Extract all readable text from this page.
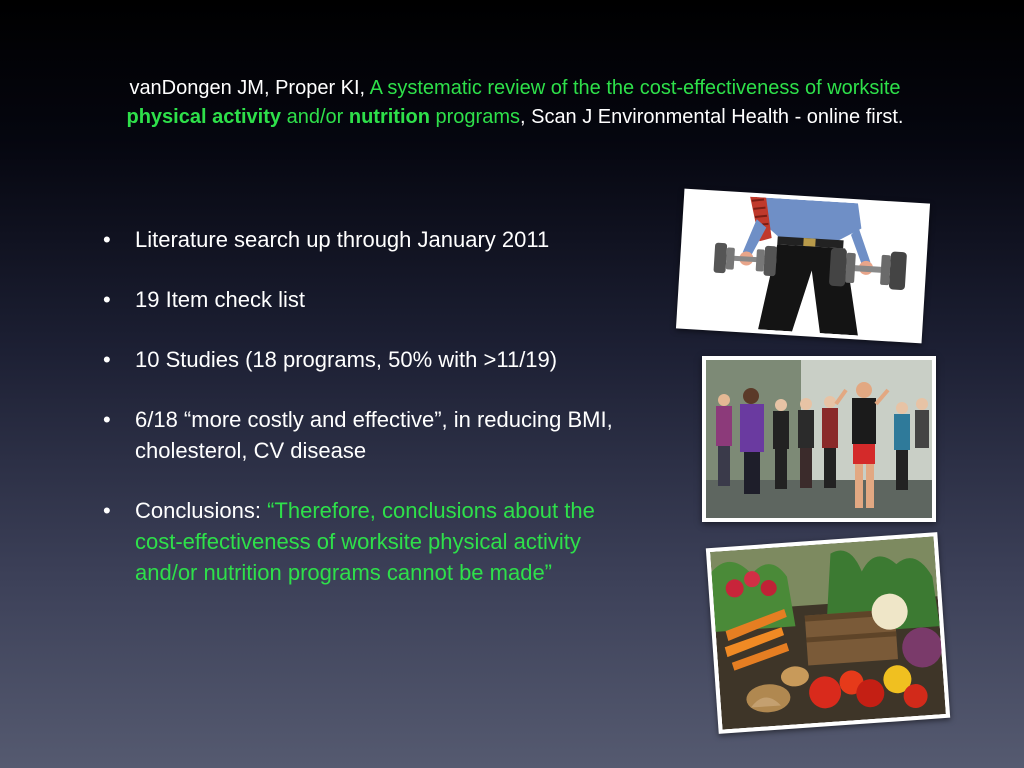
vanDongen JM, Proper KI, A systematic review of the the cost-effectiveness of worksite physical activity and/or nutrition programs, Scan J Environmental Health - online first.
• Literature search up through January 2011
• 19 Item check list
• 10 Studies (18 programs, 50% with >11/19)
• 6/18 “more costly and effective”, in reducing BMI, cholesterol, CV disease
• Conclusions: “Therefore, conclusions about the cost-effectiveness of worksite physical activity and/or nutrition programs cannot be made”
